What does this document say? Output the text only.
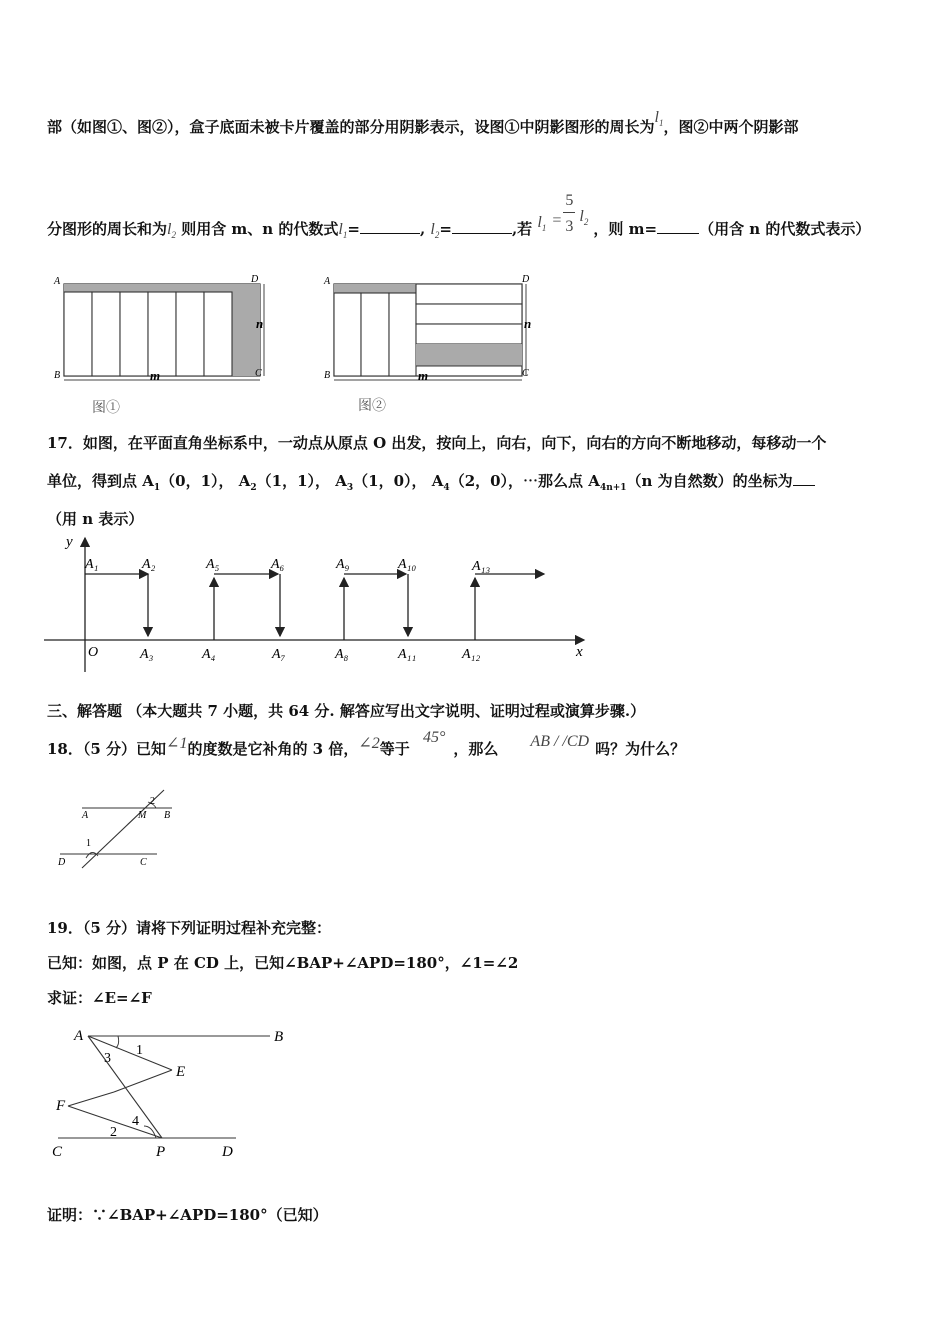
部（如图①、图②），盒子底面未被卡片覆盖的部分用阴影表示，设图①中阴影图形的周长为$l_1$，图②中两个阴影部
分图形的周长和为$l_2$ 则用含 m、n 的代数式$l_1=$	, $l_2=$	,若 $l_1$ =
5
3
$l_2$ ，则 m=	（用含 n 的代数式表示）
A	D
B	C
m
n
图①
A	D
B	C
m
n
图②
17．如图，在平面直角坐标系中，一动点从原点 O 出发，按向上，向右，向下，向右的方向不断地移动，每移动一个
单位，得到点 $A_1(0$，1）， $A_2(1$，1）， $A_3(1$，0）， $A_4(2$，0），⋯那么点 $A_{4n+1}(n$ 为自然数）的坐标为
（用 n 表示）
y
x
O
A₁	A₂	A₅	A₆	A₉	A₁₀	A₁₃
A₃	A₄	A₇	A₈	A₁₁	A₁₂
三、解答题 （本大题共 7 小题，共 64 分. 解答应写出文字说明、证明过程或演算步骤.）
18．（5 分）已知∠1的度数是它补角的 3 倍，∠2等于 45°，那么 AB / /CD 吗？为什么？
A	M B
D	C
1
2
19．（5 分）请将下列证明过程补充完整：
已知：如图，点 P 在 CD 上，已知∠BAP+∠APD=180°，∠1=∠2
求证：∠E=∠F
A	B
C	D
E
F
P
1
3
2
4
证明：∵∠BAP+∠APD=180°（已知）
